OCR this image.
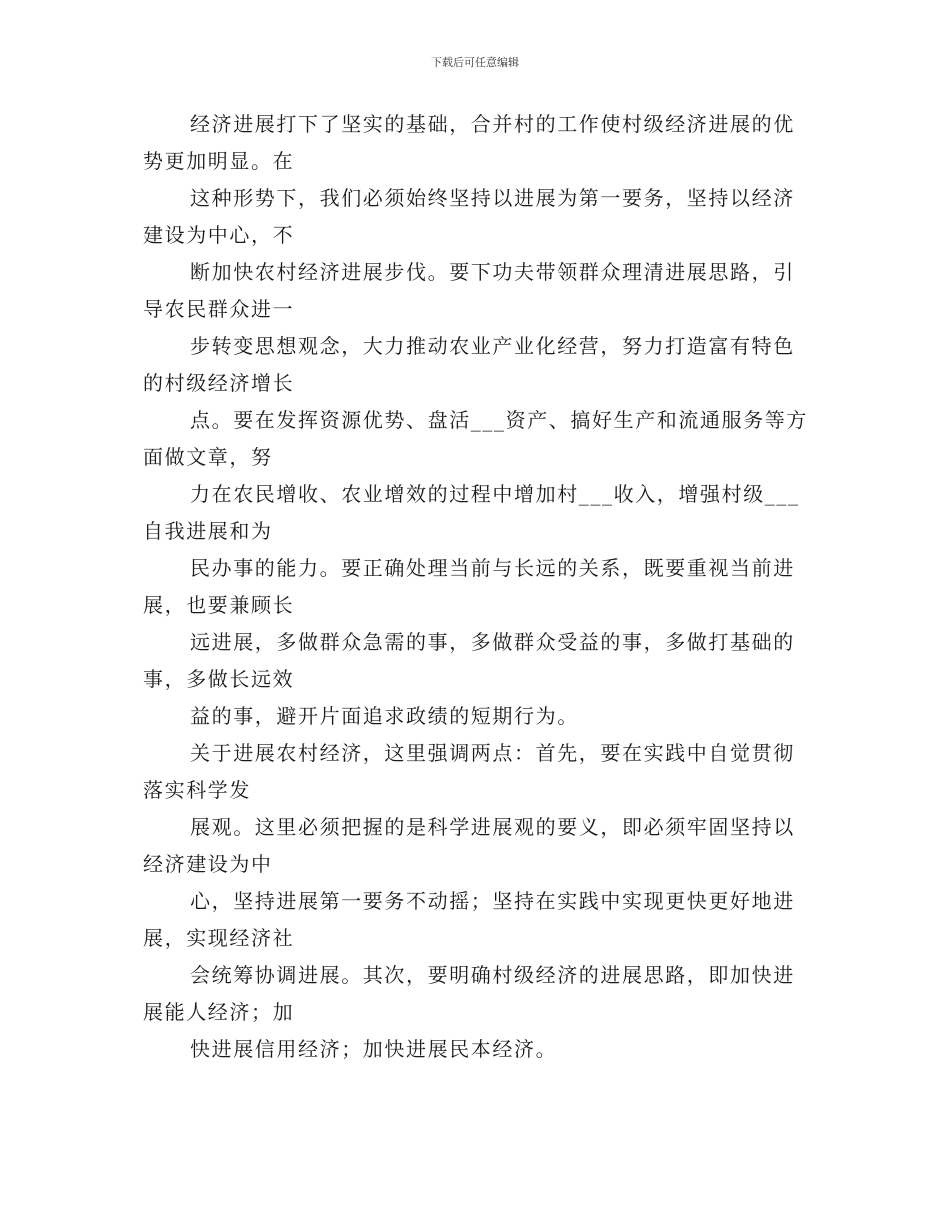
下载后可任意编辑

经济进展打下了坚实的基础，合并村的工作使村级经济进展的优势更加明显。在

这种形势下，我们必须始终坚持以进展为第一要务，坚持以经济建设为中心，不

断加快农村经济进展步伐。要下功夫带领群众理清进展思路，引导农民群众进一

步转变思想观念，大力推动农业产业化经营，努力打造富有特色的村级经济增长

点。要在发挥资源优势、盘活___资产、搞好生产和流通服务等方面做文章，努

力在农民增收、农业增效的过程中增加村___收入，增强村级___自我进展和为

民办事的能力。要正确处理当前与长远的关系，既要重视当前进展，也要兼顾长

远进展，多做群众急需的事，多做群众受益的事，多做打基础的事，多做长远效

益的事，避开片面追求政绩的短期行为。

关于进展农村经济，这里强调两点：首先，要在实践中自觉贯彻落实科学发

展观。这里必须把握的是科学进展观的要义，即必须牢固坚持以经济建设为中

心，坚持进展第一要务不动摇；坚持在实践中实现更快更好地进展，实现经济社

会统筹协调进展。其次，要明确村级经济的进展思路，即加快进展能人经济；加

快进展信用经济；加快进展民本经济。
